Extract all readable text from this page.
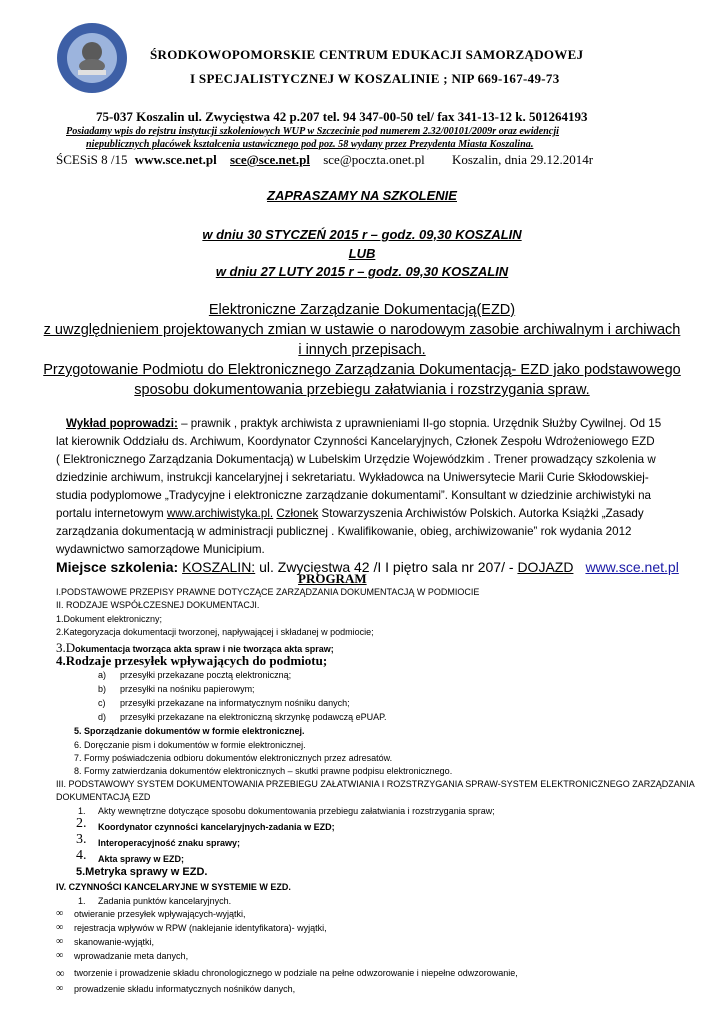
ŚRODKOWOPOMORSKIE CENTRUM EDUKACJI SAMORZĄDOWEJ
I SPECJALISTYCZNEJ W KOSZALINIE ; NIP 669-167-49-73
75-037 Koszalin ul. Zwycięstwa 42 p.207 tel. 94 347-00-50 tel/ fax 341-13-12 k. 501264193
Posiadamy wpis do rejstru instytucji szkoleniowych WUP w Szczecinie pod numerem 2.32/00101/2009r oraz ewidencji
niepublicznych placówek kształcenia ustawicznego pod poz. 58 wydany przez Prezydenta Miasta Koszalina.
ŚCESiS 8 /15 www.sce.net.pl sce@sce.net.pl sce@poczta.onet.pl Koszalin, dnia 29.12.2014r
ZAPRASZAMY NA SZKOLENIE
w dniu 30 STYCZEŃ 2015 r – godz. 09,30 KOSZALIN
LUB
w dniu 27 LUTY 2015 r – godz. 09,30 KOSZALIN
Elektroniczne Zarządzanie Dokumentacją(EZD)
z uwzględnieniem projektowanych zmian w ustawie o narodowym zasobie archiwalnym i archiwach
i innych przepisach.
Przygotowanie Podmiotu do Elektronicznego Zarządzania Dokumentacją- EZD jako podstawowego
sposobu dokumentowania przebiegu załatwiania i rozstrzygania spraw.
Wykład poprowadzi: – prawnik , praktyk archiwista z uprawnieniami II-go stopnia. Urzędnik Służby Cywilnej. Od 15
lat kierownik Oddziału ds. Archiwum, Koordynator Czynności Kancelaryjnych, Członek Zespołu Wdrożeniowego EZD
( Elektronicznego Zarządzania Dokumentacją) w Lubelskim Urzędzie Wojewódzkim . Trener prowadzący szkolenia w
dziedzinie archiwum, instrukcji kancelaryjnej i sekretariatu. Wykładowca na Uniwersytecie Marii Curie Skłodowskiej-
studia podyplomowe „Tradycyjne i elektroniczne zarządzanie dokumentami”. Konsultant w dziedzinie archiwistyki na
portalu internetowym www.archiwistyka.pl. Członek Stowarzyszenia Archiwistów Polskich. Autorka Książki „Zasady
zarządzania dokumentacją w administracji publicznej . Kwalifikowanie, obieg, archiwizowanie” rok wydania 2012
wydawnictwo samorządowe Municipium.
Miejsce szkolenia: KOSZALIN: ul. Zwycięstwa 42 /I I piętro sala nr 207/ - DOJAZD www.sce.net.pl
PROGRAM
I.PODSTAWOWE PRZEPISY PRAWNE DOTYCZĄCE ZARZĄDZANIA DOKUMENTACJĄ W PODMIOCIE
II. RODZAJE WSPÓŁCZESNEJ DOKUMENTACJI.
1.Dokument elektroniczny;
2.Kategoryzacja dokumentacji tworzonej, napływającej i składanej w podmiocie;
3.Dokumentacja tworząca akta spraw i nie tworząca akta spraw;
4.Rodzaje przesyłek wpływających do podmiotu;
a) przesyłki przekazane pocztą elektroniczną;
b) przesyłki na nośniku papierowym;
c) przesyłki przekazane na informatycznym nośniku danych;
d) przesyłki przekazane na elektroniczną skrzynkę podawczą ePUAP.
5. Sporządzanie dokumentów w formie elektronicznej.
6. Doręczanie pism i dokumentów w formie elektronicznej.
7. Formy poświadczenia odbioru dokumentów elektronicznych przez adresatów.
8. Formy zatwierdzania dokumentów elektronicznych – skutki prawne podpisu elektronicznego.
III. PODSTAWOWY SYSTEM DOKUMENTOWANIA PRZEBIEGU ZAŁATWIANIA I ROZSTRZYGANIA SPRAW-SYSTEM ELEKTRONICZNEGO ZARZĄDZANIA
DOKUMENTACJĄ EZD
1. Akty wewnętrzne dotyczące sposobu dokumentowania przebiegu załatwiania i rozstrzygania spraw;
2. Koordynator czynności kancelaryjnych-zadania w EZD;
3. Interoperacyjność znaku sprawy;
4. Akta sprawy w EZD;
5.Metryka sprawy w EZD.
IV. CZYNNOŚCI KANCELARYJNE W SYSTEMIE W EZD.
1. Zadania punktów kancelaryjnych.
∞ otwieranie przesyłek wpływających-wyjątki,
∞ rejestracja wpływów w RPW (naklejanie identyfikatora)- wyjątki,
∞ skanowanie-wyjątki,
∞ wprowadzanie meta danych,
∞ tworzenie i prowadzenie składu chronologicznego w podziale na pełne odwzorowanie i niepełne odwzorowanie,
∞ prowadzenie składu informatycznych nośników danych,
